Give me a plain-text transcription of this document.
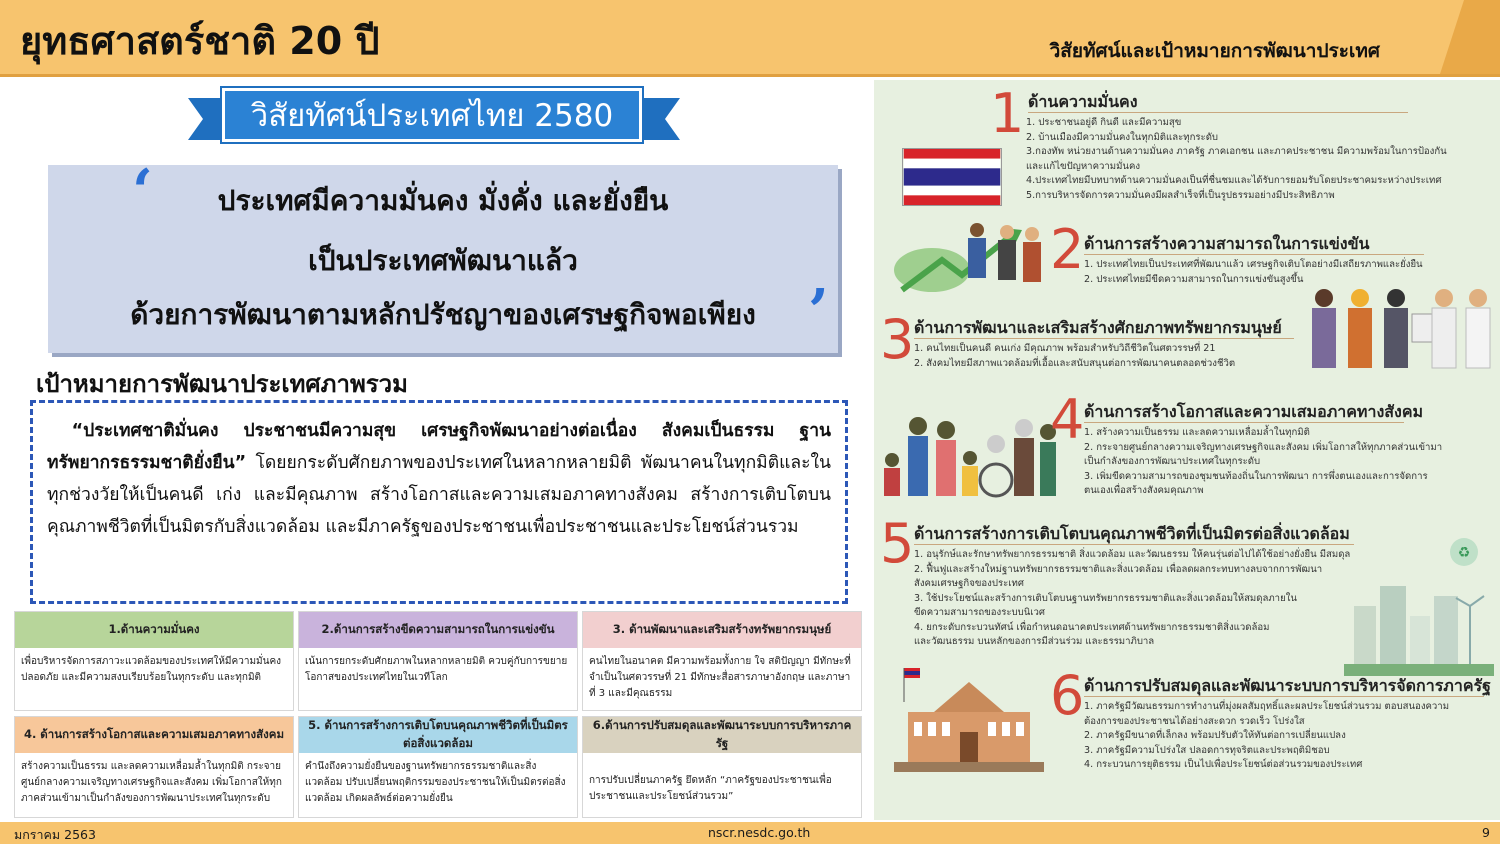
ยุทธศาสตร์ชาติ 20 ปี	วิสัยทัศน์และเป้าหมายการพัฒนาประเทศ
วิสัยทัศน์ประเทศไทย 2580
‘	ประเทศมีความมั่นคง มั่งคั่ง และยั่งยืน
เป็นประเทศพัฒนาแล้ว
ด้วยการพัฒนาตามหลักปรัชญาของเศรษฐกิจพอเพียง ’
เป้าหมายการพัฒนาประเทศภาพรวม
“ประเทศชาติมั่นคง ประชาชนมีความสุข เศรษฐกิจพัฒนาอย่างต่อเนื่อง สังคมเป็นธรรม ฐานทรัพยากรธรรมชาติยั่งยืน” โดยยกระดับศักยภาพของประเทศในหลากหลายมิติ พัฒนาคนในทุกมิติและในทุกช่วงวัยให้เป็นคนดี เก่ง และมีคุณภาพ สร้างโอกาสและความเสมอภาคทางสังคม สร้างการเติบโตบนคุณภาพชีวิตที่เป็นมิตรกับสิ่งแวดล้อม และมีภาครัฐของประชาชนเพื่อประชาชนและประโยชน์ส่วนรวม
1.ด้านความมั่นคง
เพื่อบริหารจัดการสภาวะแวดล้อมของประเทศให้มีความมั่นคง ปลอดภัย และมีความสงบเรียบร้อยในทุกระดับ และทุกมิติ
2.ด้านการสร้างขีดความสามารถในการแข่งขัน
เน้นการยกระดับศักยภาพในหลากหลายมิติ ควบคู่กับการขยายโอกาสของประเทศไทยในเวทีโลก
3. ด้านพัฒนาและเสริมสร้างทรัพยากรมนุษย์
คนไทยในอนาคต มีความพร้อมทั้งกาย ใจ สติปัญญา มีทักษะที่จำเป็นในศตวรรษที่ 21 มีทักษะสื่อสารภาษาอังกฤษ และภาษาที่ 3 และมีคุณธรรม
4. ด้านการสร้างโอกาสและความเสมอภาคทางสังคม
สร้างความเป็นธรรม และลดความเหลื่อมล้ำในทุกมิติ กระจายศูนย์กลางความเจริญทางเศรษฐกิจและสังคม เพิ่มโอกาสให้ทุกภาคส่วนเข้ามาเป็นกำลังของการพัฒนาประเทศในทุกระดับ
5. ด้านการสร้างการเติบโตบนคุณภาพชีวิตที่เป็นมิตรต่อสิ่งแวดล้อม
คำนึงถึงความยั่งยืนของฐานทรัพยากรธรรมชาติและสิ่งแวดล้อม ปรับเปลี่ยนพฤติกรรมของประชาชนให้เป็นมิตรต่อสิ่งแวดล้อม เกิดผลลัพธ์ต่อความยั่งยืน
6.ด้านการปรับสมดุลและพัฒนาระบบการบริหารภาครัฐ
การปรับเปลี่ยนภาครัฐ ยึดหลัก “ภาครัฐของประชาชนเพื่อประชาชนและประโยชน์ส่วนรวม”
1 ด้านความมั่นคง
1. ประชาชนอยู่ดี กินดี และมีความสุข
2. บ้านเมืองมีความมั่นคงในทุกมิติและทุกระดับ
3.กองทัพ หน่วยงานด้านความมั่นคง ภาครัฐ ภาคเอกชน และภาคประชาชน มีความพร้อมในการป้องกัน
และแก้ไขปัญหาความมั่นคง
4.ประเทศไทยมีบทบาทด้านความมั่นคงเป็นที่ชื่นชมและได้รับการยอมรับโดยประชาคมระหว่างประเทศ
5.การบริหารจัดการความมั่นคงมีผลสำเร็จที่เป็นรูปธรรมอย่างมีประสิทธิภาพ
2 ด้านการสร้างความสามารถในการแข่งขัน
1. ประเทศไทยเป็นประเทศที่พัฒนาแล้ว เศรษฐกิจเติบโตอย่างมีเสถียรภาพและยั่งยืน
2. ประเทศไทยมีขีดความสามารถในการแข่งขันสูงขึ้น
3 ด้านการพัฒนาและเสริมสร้างศักยภาพทรัพยากรมนุษย์
1. คนไทยเป็นคนดี คนเก่ง มีคุณภาพ พร้อมสำหรับวิถีชีวิตในศตวรรษที่ 21
2. สังคมไทยมีสภาพแวดล้อมที่เอื้อและสนับสนุนต่อการพัฒนาคนตลอดช่วงชีวิต
4 ด้านการสร้างโอกาสและความเสมอภาคทางสังคม
1. สร้างความเป็นธรรม และลดความเหลื่อมล้ำในทุกมิติ
2. กระจายศูนย์กลางความเจริญทางเศรษฐกิจและสังคม เพิ่มโอกาสให้ทุกภาคส่วนเข้ามา
เป็นกำลังของการพัฒนาประเทศในทุกระดับ
3. เพิ่มขีดความสามารถของชุมชนท้องถิ่นในการพัฒนา การพึ่งตนเองและการจัดการ
ตนเองเพื่อสร้างสังคมคุณภาพ
5 ด้านการสร้างการเติบโตบนคุณภาพชีวิตที่เป็นมิตรต่อสิ่งแวดล้อม
1. อนุรักษ์และรักษาทรัพยากรธรรมชาติ สิ่งแวดล้อม และวัฒนธรรม ให้คนรุ่นต่อไปได้ใช้อย่างยั่งยืน มีสมดุล
2. ฟื้นฟูและสร้างใหม่ฐานทรัพยากรธรรมชาติและสิ่งแวดล้อม เพื่อลดผลกระทบทางลบจากการพัฒนา
สังคมเศรษฐกิจของประเทศ
3. ใช้ประโยชน์และสร้างการเติบโตบนฐานทรัพยากรธรรมชาติและสิ่งแวดล้อมให้สมดุลภายใน
ขีดความสามารถของระบบนิเวศ
4. ยกระดับกระบวนทัศน์ เพื่อกำหนดอนาคตประเทศด้านทรัพยากรธรรมชาติสิ่งแวดล้อม
และวัฒนธรรม บนหลักของการมีส่วนร่วม และธรรมาภิบาล
♻
6 ด้านการปรับสมดุลและพัฒนาระบบการบริหารจัดการภาครัฐ
1. ภาครัฐมีวัฒนธรรมการทำงานที่มุ่งผลสัมฤทธิ์และผลประโยชน์ส่วนรวม ตอบสนองความ
ต้องการของประชาชนได้อย่างสะดวก รวดเร็ว โปร่งใส
2. ภาครัฐมีขนาดที่เล็กลง พร้อมปรับตัวให้ทันต่อการเปลี่ยนแปลง
3. ภาครัฐมีความโปร่งใส ปลอดการทุจริตและประพฤติมิชอบ
4. กระบวนการยุติธรรม เป็นไปเพื่อประโยชน์ต่อส่วนรวมของประเทศ
มกราคม 2563	nscr.nesdc.go.th	9
